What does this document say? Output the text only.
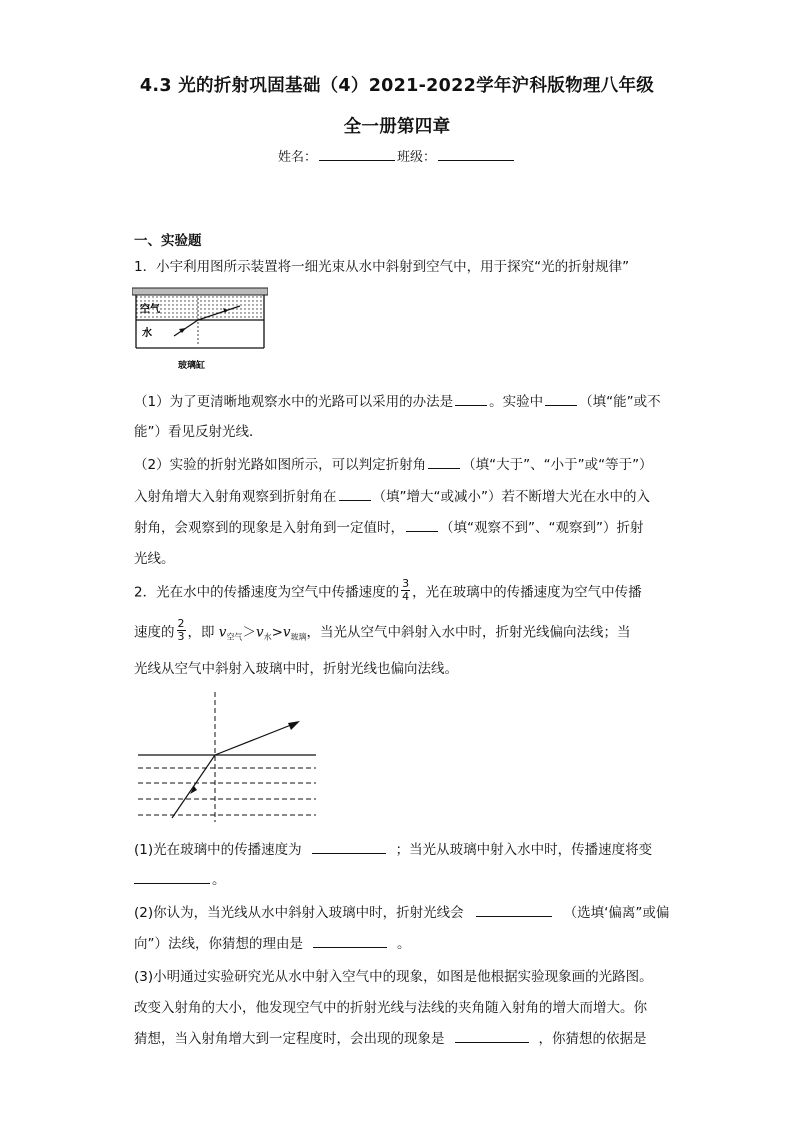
4.3 光的折射巩固基础（4）2021-2022学年沪科版物理八年级
全一册第四章
姓名：	班级：
一、实验题
1．小宇利用图所示装置将一细光束从水中斜射到空气中，用于探究“光的折射规律”
空气
水
玻璃缸
（1）为了更清晰地观察水中的光路可以采用的办法是	。实验中	（填“能”或不
能”）看见反射光线．
（2）实验的折射光路如图所示，可以判定折射角	（填“大于”、“小于”或“等于”）
入射角增大入射角观察到折射角在	（填”增大“或减小”）若不断增大光在水中的入
射角，会观察到的现象是入射角到一定值时，	（填“观察不到”、“观察到”）折射
光线。
2．光在水中的传播速度为空气中传播速度的 $\frac{3}{4}$ ，光在玻璃中的传播速度为空气中传播
速度的 $\frac{2}{3}$ ，即 $v_{空气}>v_水>v_{玻璃}$，当光从空气中斜射入水中时，折射光线偏向法线；当
光线从空气中斜射入玻璃中时，折射光线也偏向法线。
(1)光在玻璃中的传播速度为	；当光从玻璃中射入水中时，传播速度将变
。
(2)你认为，当光线从水中斜射入玻璃中时，折射光线会	（选填‘偏离”或偏
向”）法线，你猜想的理由是	。
(3)小明通过实验研究光从水中射入空气中的现象，如图是他根据实验现象画的光路图。
改变入射角的大小，他发现空气中的折射光线与法线的夹角随入射角的增大而增大。你
猜想，当入射角增大到一定程度时，会出现的现象是	，你猜想的依据是
